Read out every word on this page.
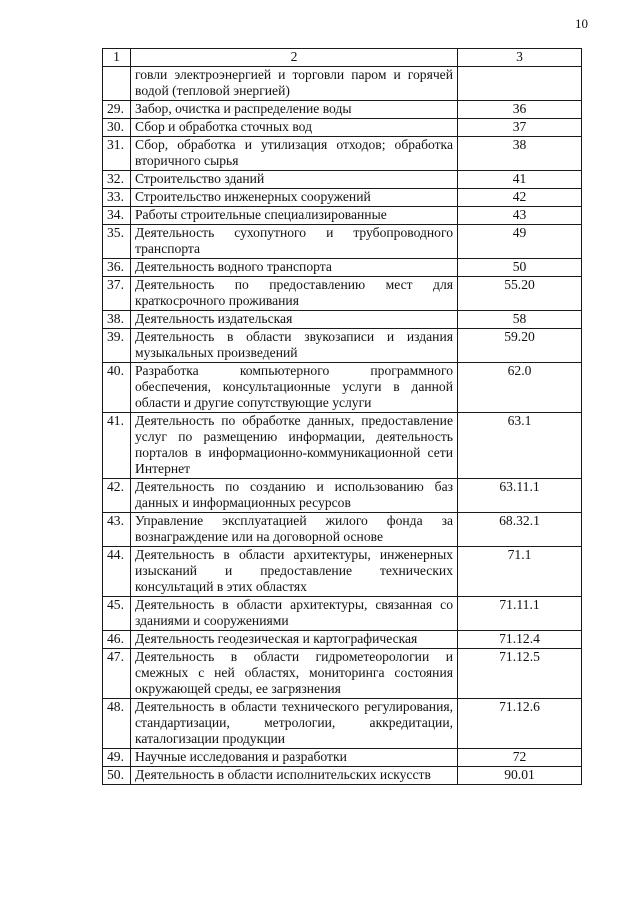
10
1	2	3
	говли электроэнергией и торговли паром и горячей водой (тепловой энергией)	
29.	Забор, очистка и распределение воды	36
30.	Сбор и обработка сточных вод	37
31.	Сбор, обработка и утилизация отходов; обработка вторичного сырья	38
32.	Строительство зданий	41
33.	Строительство инженерных сооружений	42
34.	Работы строительные специализированные	43
35.	Деятельность сухопутного и трубопроводного транспорта	49
36.	Деятельность водного транспорта	50
37.	Деятельность по предоставлению мест для краткосрочного проживания	55.20
38.	Деятельность издательская	58
39.	Деятельность в области звукозаписи и издания музыкальных произведений	59.20
40.	Разработка компьютерного программного обеспечения, консультационные услуги в данной области и другие сопутствующие услуги	62.0
41.	Деятельность по обработке данных, предоставление услуг по размещению информации, деятельность порталов в информационно-коммуникационной сети Интернет	63.1
42.	Деятельность по созданию и использованию баз данных и информационных ресурсов	63.11.1
43.	Управление эксплуатацией жилого фонда за вознаграждение или на договорной основе	68.32.1
44.	Деятельность в области архитектуры, инженерных изысканий и предоставление технических консультаций в этих областях	71.1
45.	Деятельность в области архитектуры, связанная со зданиями и сооружениями	71.11.1
46.	Деятельность геодезическая и картографическая	71.12.4
47.	Деятельность в области гидрометеорологии и смежных с ней областях, мониторинга состояния окружающей среды, ее загрязнения	71.12.5
48.	Деятельность в области технического регулирования, стандартизации, метрологии, аккредитации, каталогизации продукции	71.12.6
49.	Научные исследования и разработки	72
50.	Деятельность в области исполнительских искусств	90.01
